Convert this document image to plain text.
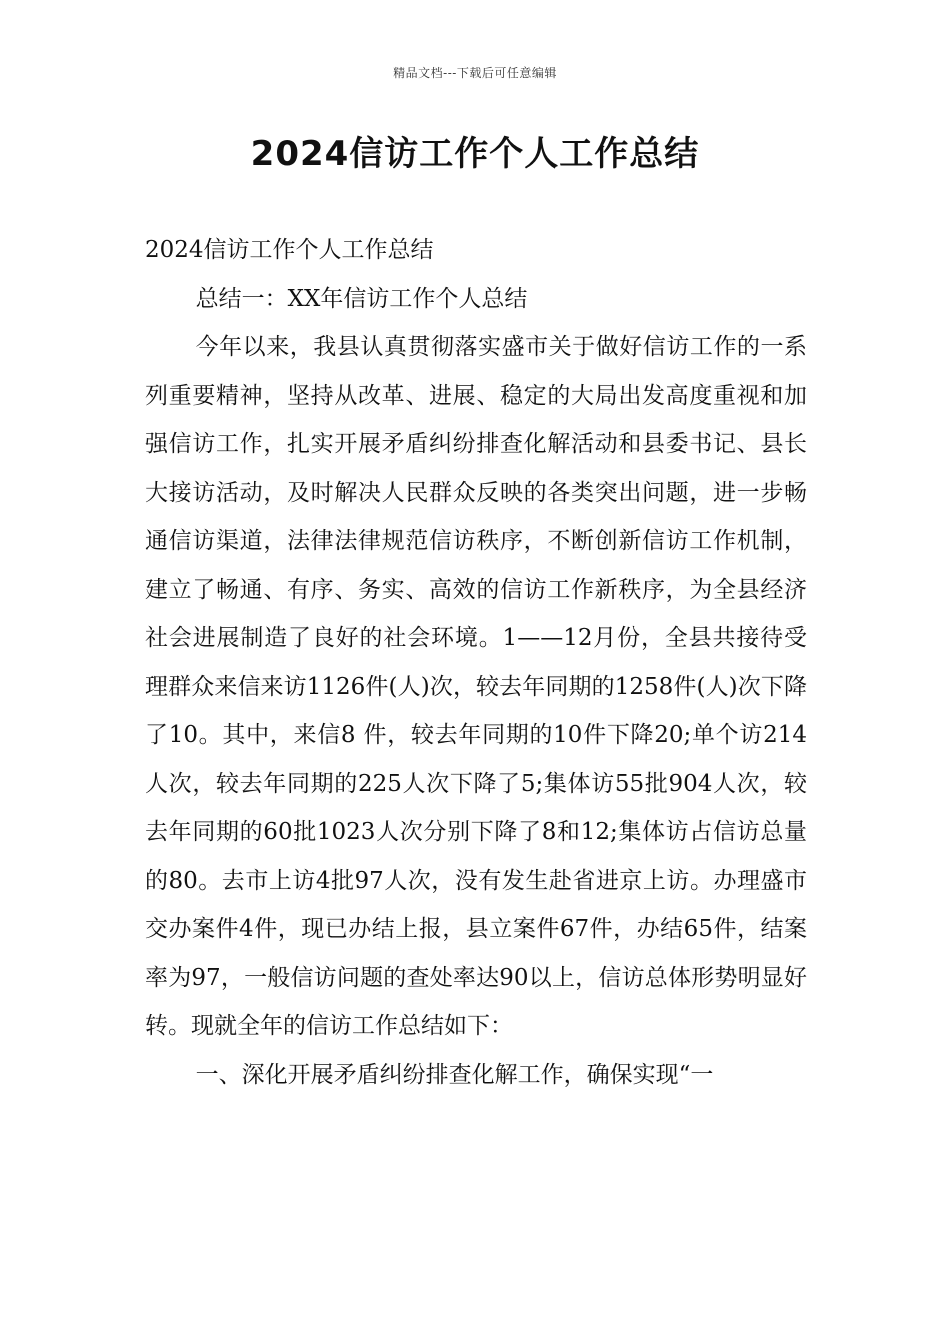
精品文档---下载后可任意编辑
2024信访工作个人工作总结

2024信访工作个人工作总结

总结一：XX年信访工作个人总结

今年以来，我县认真贯彻落实盛市关于做好信访工作的一系列重要精神，坚持从改革、进展、稳定的大局出发高度重视和加强信访工作，扎实开展矛盾纠纷排查化解活动和县委书记、县长大接访活动，及时解决人民群众反映的各类突出问题，进一步畅通信访渠道，法律法律规范信访秩序，不断创新信访工作机制，建立了畅通、有序、务实、高效的信访工作新秩序，为全县经济社会进展制造了良好的社会环境。1——12月份，全县共接待受理群众来信来访1126件(人)次，较去年同期的1258件(人)次下降了10。其中，来信8 件，较去年同期的10件下降20;单个访214人次，较去年同期的225人次下降了5;集体访55批904人次，较去年同期的60批1023人次分别下降了8和12;集体访占信访总量的80。去市上访4批97人次，没有发生赴省进京上访。办理盛市交办案件4件，现已办结上报，县立案件67件，办结65件，结案率为97，一般信访问题的查处率达90以上，信访总体形势明显好转。现就全年的信访工作总结如下：

一、深化开展矛盾纠纷排查化解工作，确保实现“一
